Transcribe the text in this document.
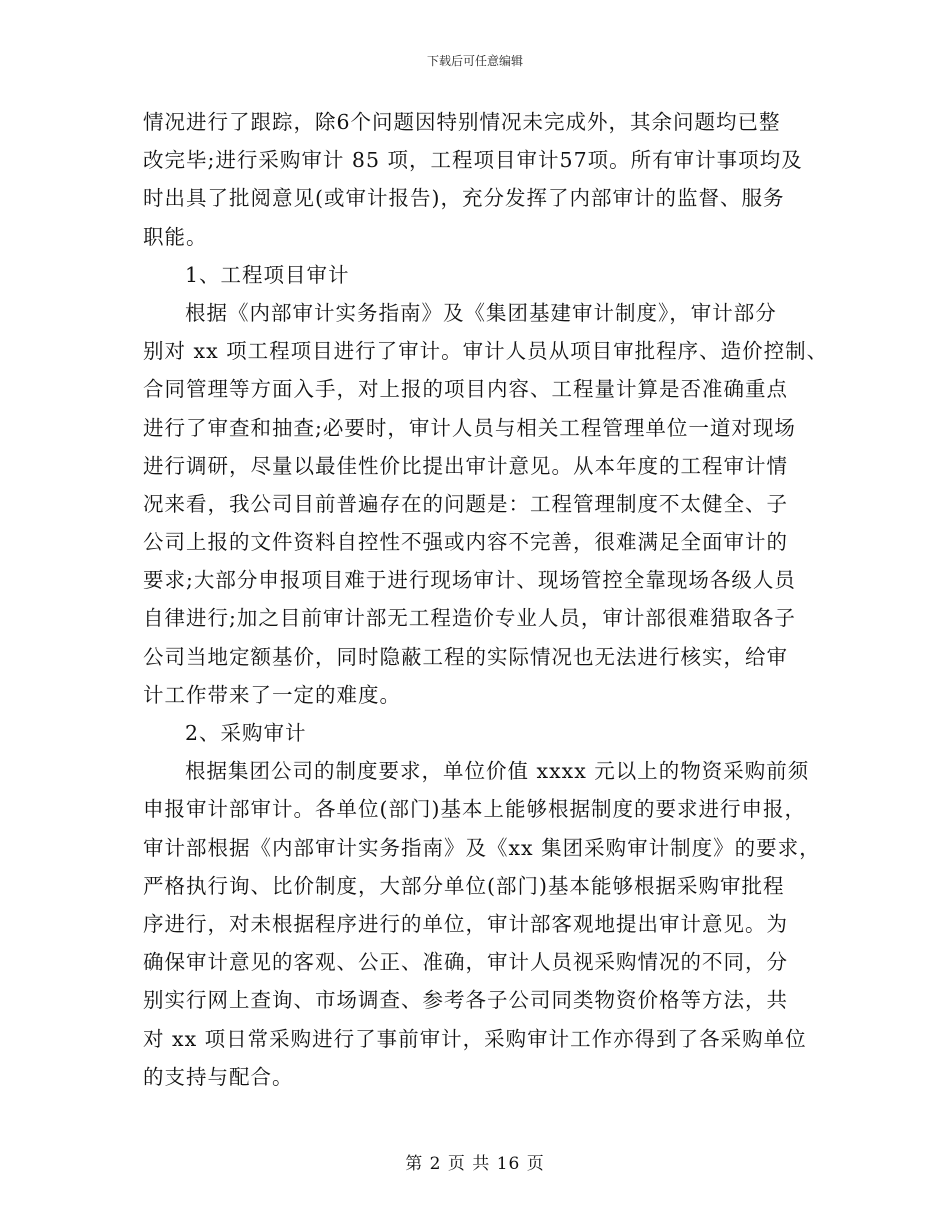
下载后可任意编辑
情况进行了跟踪，除6个问题因特别情况未完成外，其余问题均已整
改完毕;进行采购审计 85 项，工程项目审计57项。所有审计事项均及
时出具了批阅意见(或审计报告)，充分发挥了内部审计的监督、服务
职能。
1、工程项目审计
根据《内部审计实务指南》及《集团基建审计制度》，审计部分
别对 xx 项工程项目进行了审计。审计人员从项目审批程序、造价控制、
合同管理等方面入手，对上报的项目内容、工程量计算是否准确重点
进行了审查和抽查;必要时，审计人员与相关工程管理单位一道对现场
进行调研，尽量以最佳性价比提出审计意见。从本年度的工程审计情
况来看，我公司目前普遍存在的问题是：工程管理制度不太健全、子
公司上报的文件资料自控性不强或内容不完善，很难满足全面审计的
要求;大部分申报项目难于进行现场审计、现场管控全靠现场各级人员
自律进行;加之目前审计部无工程造价专业人员，审计部很难猎取各子
公司当地定额基价，同时隐蔽工程的实际情况也无法进行核实，给审
计工作带来了一定的难度。
2、采购审计
根据集团公司的制度要求，单位价值 xxxx 元以上的物资采购前须
申报审计部审计。各单位(部门)基本上能够根据制度的要求进行申报，
审计部根据《内部审计实务指南》及《xx 集团采购审计制度》的要求，
严格执行询、比价制度，大部分单位(部门)基本能够根据采购审批程
序进行，对未根据程序进行的单位，审计部客观地提出审计意见。为
确保审计意见的客观、公正、准确，审计人员视采购情况的不同，分
别实行网上查询、市场调查、参考各子公司同类物资价格等方法，共
对 xx 项日常采购进行了事前审计，采购审计工作亦得到了各采购单位
的支持与配合。
第 2 页 共 16 页
